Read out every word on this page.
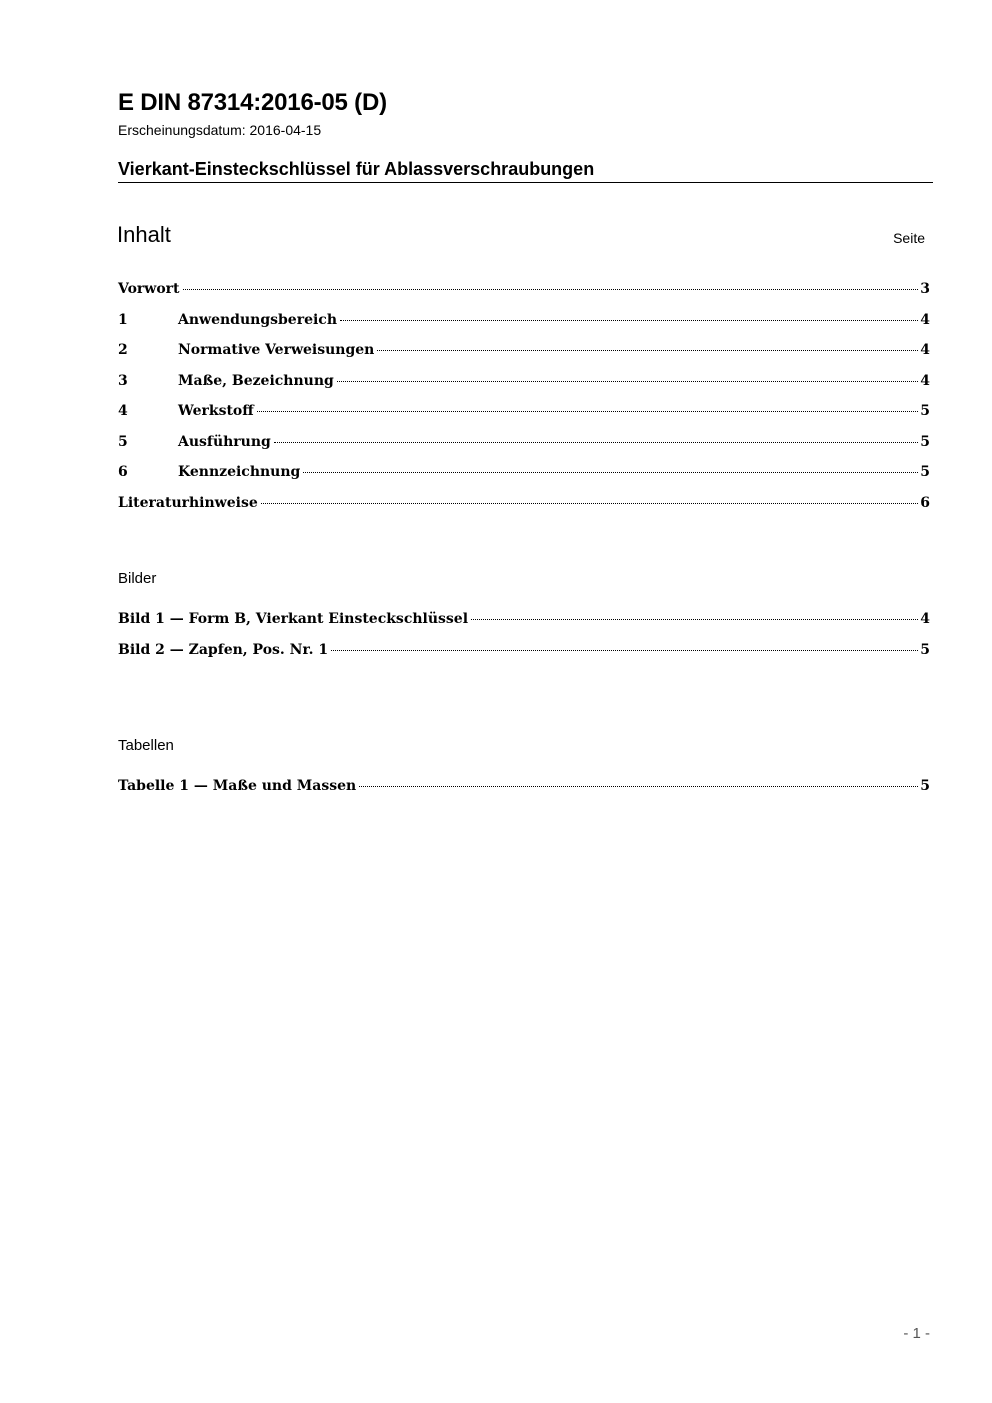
E DIN 87314:2016-05 (D)
Erscheinungsdatum: 2016-04-15
Vierkant-Einsteckschlüssel für Ablassverschraubungen
Inhalt	Seite
Vorwort	3
1	Anwendungsbereich	4
2	Normative Verweisungen	4
3	Maße, Bezeichnung	4
4	Werkstoff	5
5	Ausführung	5
6	Kennzeichnung	5
Literaturhinweise	6
Bilder
Bild 1 — Form B, Vierkant Einsteckschlüssel	4
Bild 2 — Zapfen, Pos. Nr. 1	5
Tabellen
Tabelle 1 — Maße und Massen	5
- 1 -
